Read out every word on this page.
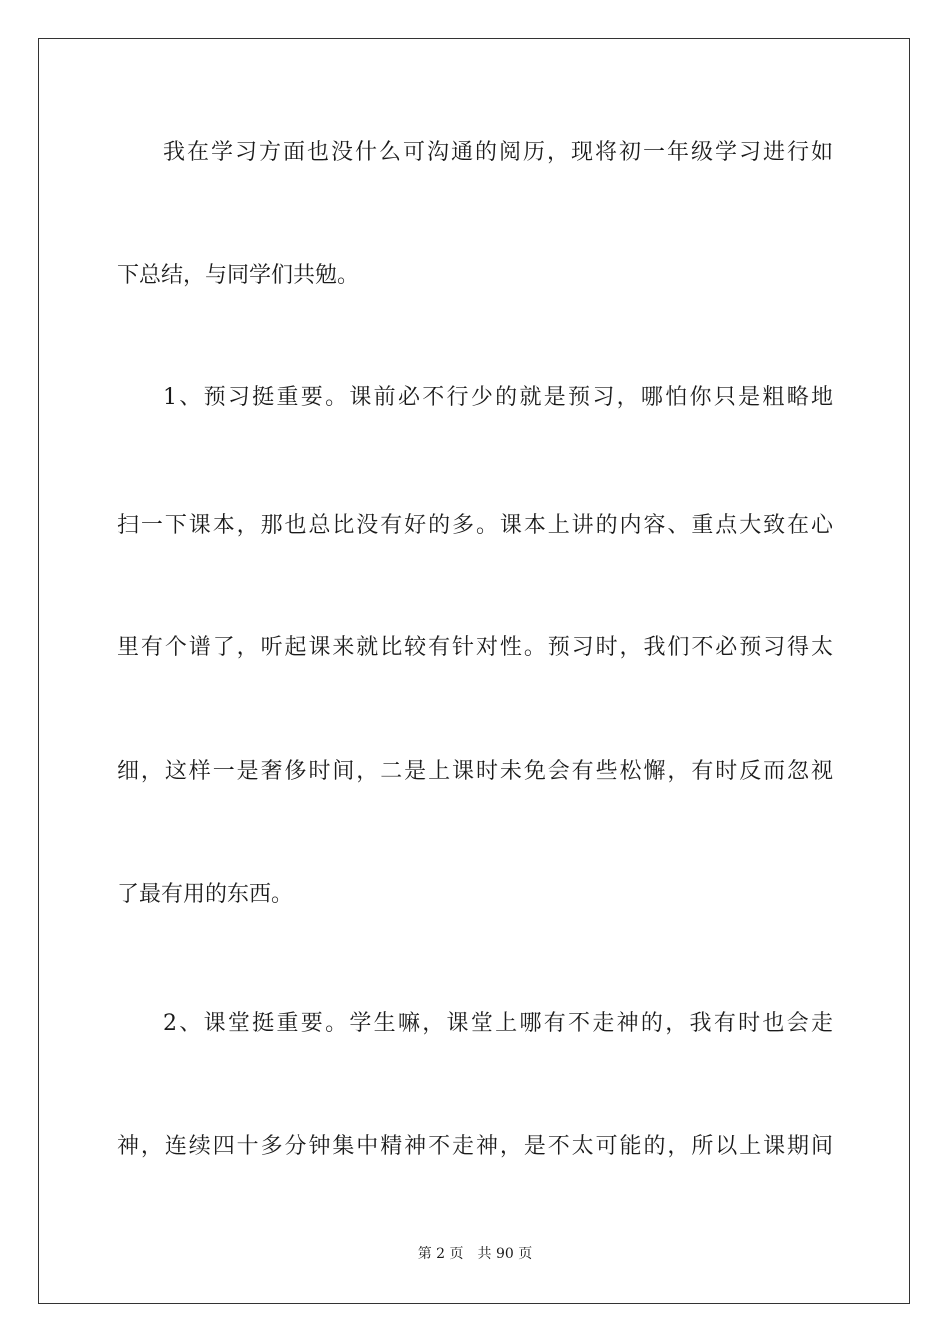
我在学习方面也没什么可沟通的阅历，现将初一年级学习进行如
下总结，与同学们共勉。
1、预习挺重要。课前必不行少的就是预习，哪怕你只是粗略地
扫一下课本，那也总比没有好的多。课本上讲的内容、重点大致在心
里有个谱了，听起课来就比较有针对性。预习时，我们不必预习得太
细，这样一是奢侈时间，二是上课时未免会有些松懈，有时反而忽视
了最有用的东西。
2、课堂挺重要。学生嘛，课堂上哪有不走神的，我有时也会走
神，连续四十多分钟集中精神不走神，是不太可能的，所以上课期间
第 2 页 共 90 页
